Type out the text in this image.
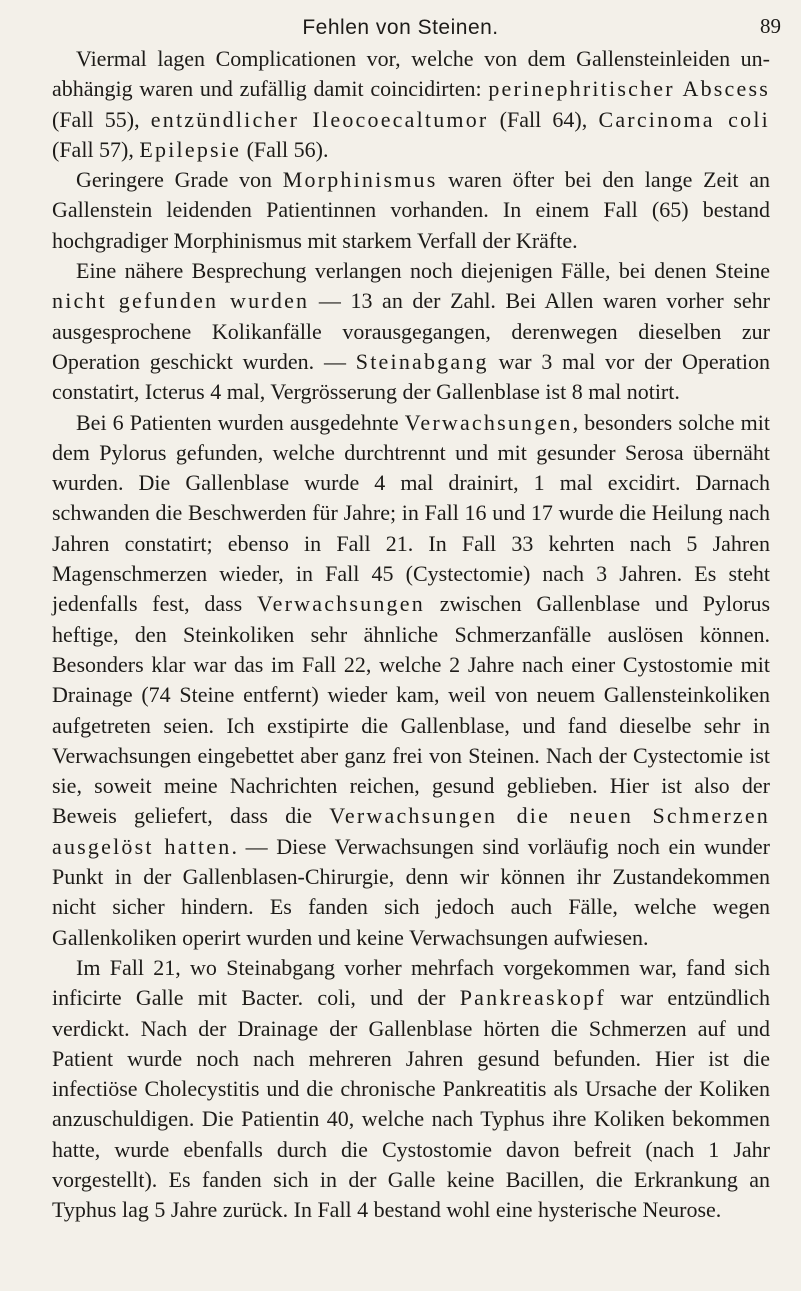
Fehlen von Steinen.	89

Viermal lagen Complicationen vor, welche von dem Gallensteinleiden unabhängig waren und zufällig damit coincidirten: perinephritischer Abscess (Fall 55), entzündlicher Ileocoecaltumor (Fall 64), Carcinoma coli (Fall 57), Epilepsie (Fall 56).

Geringere Grade von Morphinismus waren öfter bei den lange Zeit an Gallenstein leidenden Patientinnen vorhanden. In einem Fall (65) bestand hochgradiger Morphinismus mit starkem Verfall der Kräfte.

Eine nähere Besprechung verlangen noch diejenigen Fälle, bei denen Steine nicht gefunden wurden — 13 an der Zahl. Bei Allen waren vorher sehr ausgesprochene Kolikanfälle vorausgegangen, derenwegen dieselben zur Operation geschickt wurden. — Steinabgang war 3 mal vor der Operation constatirt, Icterus 4 mal, Vergrösserung der Gallenblase ist 8 mal notirt.

Bei 6 Patienten wurden ausgedehnte Verwachsungen, besonders solche mit dem Pylorus gefunden, welche durchtrennt und mit gesunder Serosa übernäht wurden. Die Gallenblase wurde 4 mal drainirt, 1 mal excidirt. Darnach schwanden die Beschwerden für Jahre; in Fall 16 und 17 wurde die Heilung nach Jahren constatirt; ebenso in Fall 21. In Fall 33 kehrten nach 5 Jahren Magenschmerzen wieder, in Fall 45 (Cystectomie) nach 3 Jahren. Es steht jedenfalls fest, dass Verwachsungen zwischen Gallenblase und Pylorus heftige, den Steinkoliken sehr ähnliche Schmerzanfälle auslösen können. Besonders klar war das im Fall 22, welche 2 Jahre nach einer Cystostomie mit Drainage (74 Steine entfernt) wieder kam, weil von neuem Gallensteinkoliken aufgetreten seien. Ich exstipirte die Gallenblase, und fand dieselbe sehr in Verwachsungen eingebettet aber ganz frei von Steinen. Nach der Cystectomie ist sie, soweit meine Nachrichten reichen, gesund geblieben. Hier ist also der Beweis geliefert, dass die Verwachsungen die neuen Schmerzen ausgelöst hatten. — Diese Verwachsungen sind vorläufig noch ein wunder Punkt in der Gallenblasen-Chirurgie, denn wir können ihr Zustandekommen nicht sicher hindern. Es fanden sich jedoch auch Fälle, welche wegen Gallenkoliken operirt wurden und keine Verwachsungen aufwiesen.

Im Fall 21, wo Steinabgang vorher mehrfach vorgekommen war, fand sich inficirte Galle mit Bacter. coli, und der Pankreaskopf war entzündlich verdickt. Nach der Drainage der Gallenblase hörten die Schmerzen auf und Patient wurde noch nach mehreren Jahren gesund befunden. Hier ist die infectiöse Cholecystitis und die chronische Pankreatitis als Ursache der Koliken anzuschuldigen. Die Patientin 40, welche nach Typhus ihre Koliken bekommen hatte, wurde ebenfalls durch die Cystostomie davon befreit (nach 1 Jahr vorgestellt). Es fanden sich in der Galle keine Bacillen, die Erkrankung an Typhus lag 5 Jahre zurück. In Fall 4 bestand wohl eine hysterische Neurose.
